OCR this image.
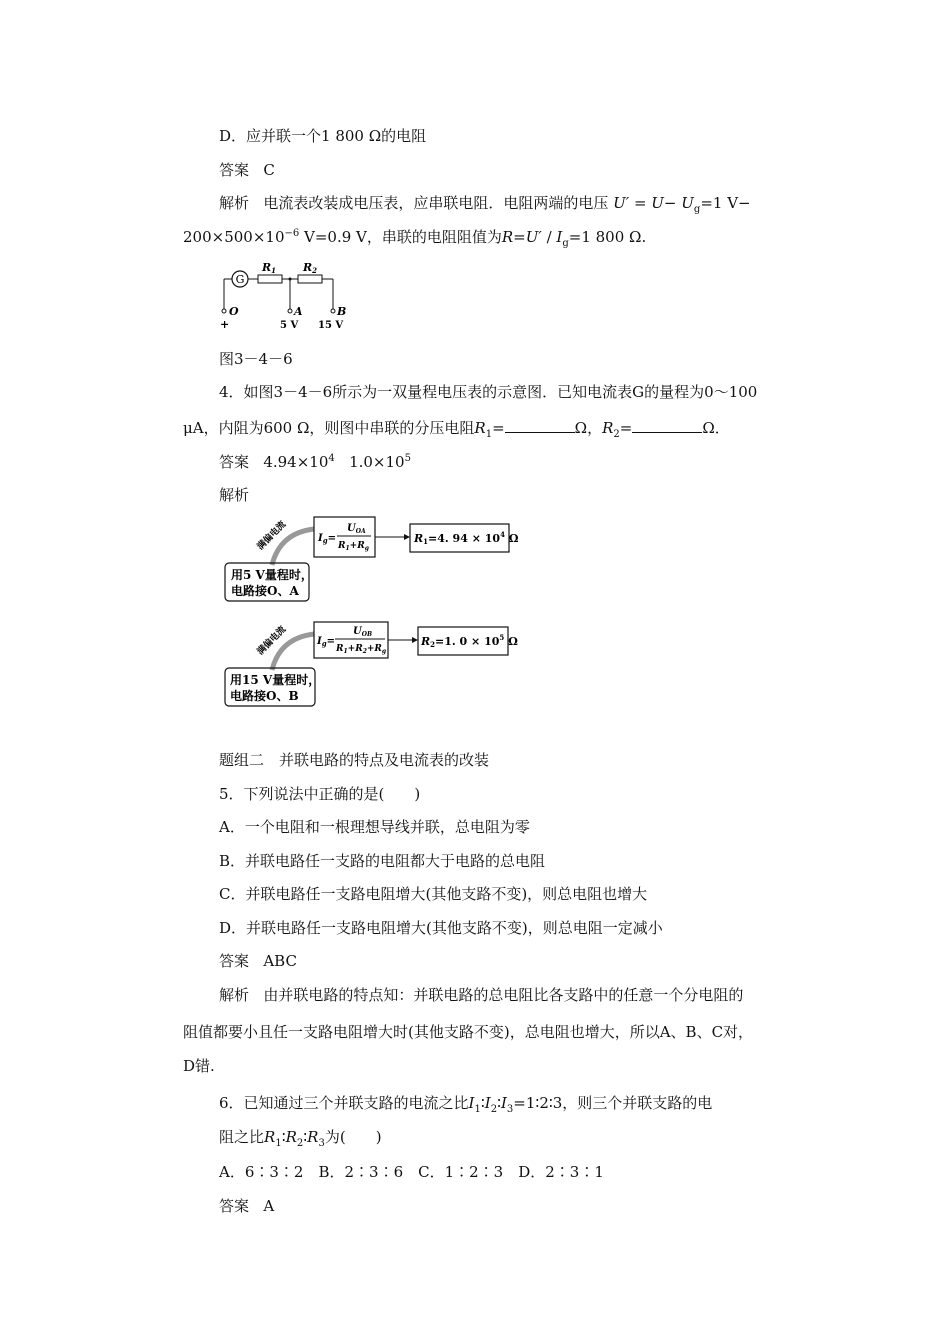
D．应并联一个1 800 Ω的电阻
答案 C
解析 电流表改装成电压表，应串联电阻．电阻两端的电压 $U' = U- U_g=1$ V−
$200\times 500\times 10^{-6}$ V=0.9 V，串联的电阻阻值为$R=U' / I_g=1$ 800 Ω.
G
R1 R2
O
+
A
5 V
B
15 V
图3－4－6
4．如图3－4－6所示为一双量程电压表的示意图．已知电流表G的量程为0～100
μA，内阻为600 Ω，则图中串联的分压电阻$R_1=$	Ω，$R_2=$	Ω．
答案 $4.94\times 10^4$ $1.0\times 10^5$
解析
满偏电流
用5 V量程时，
电路接O、A
$I_g=$
$U_{OA}$
$R_1+R_g$
R1=4. $94 \times 10^4$ Ω
满偏电流
用15 V量程时，
电路接O、B
$I_g=$
$U_{OB}$
$R_1+R_2+R_g$
R2=1. $0 \times 10^5$ Ω
题组二　并联电路的特点及电流表的改装
5．下列说法中正确的是(　　)
A．一个电阻和一根理想导线并联，总电阻为零
B．并联电路任一支路的电阻都大于电路的总电阻
C．并联电路任一支路电阻增大(其他支路不变)，则总电阻也增大
D．并联电路任一支路电阻增大(其他支路不变)，则总电阻一定减小
答案 ABC
解析 由并联电路的特点知：并联电路的总电阻比各支路中的任意一个分电阻的
阻值都要小且任一支路电阻增大时(其他支路不变)，总电阻也增大，所以A、B、C对，
D错.
6．已知通过三个并联支路的电流之比$I_1∶I_2∶I_3=1∶2∶3$，则三个并联支路的电
阻之比$R_1∶R_2∶R_3$为(　　)
A．6∶3∶2　B．2∶3∶6　C．1∶2∶3　D．2∶3∶1
答案 A
